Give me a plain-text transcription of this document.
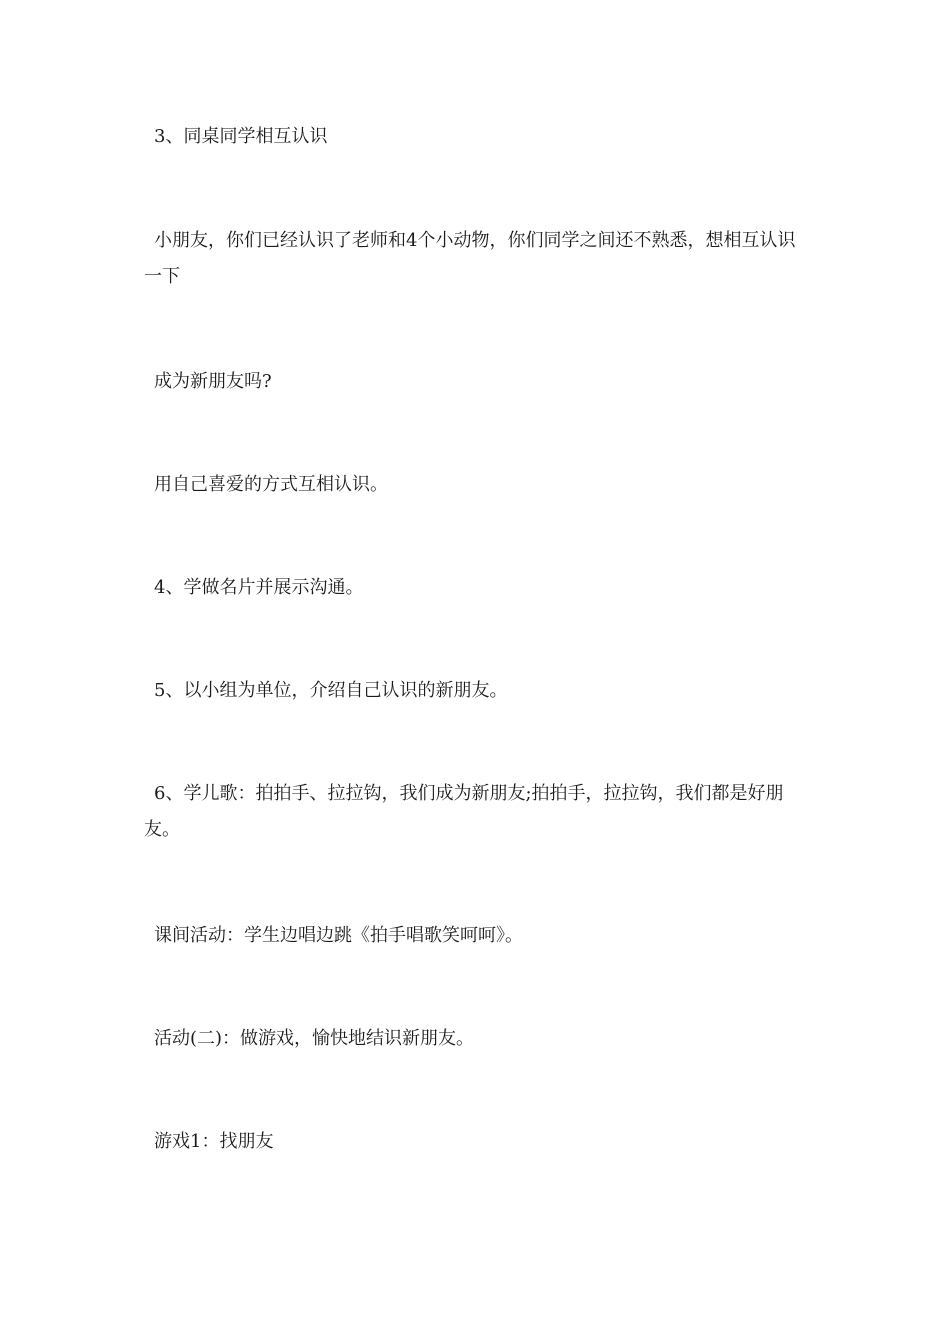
3、同桌同学相互认识

小朋友，你们已经认识了老师和4个小动物，你们同学之间还不熟悉，想相互认识一下

成为新朋友吗?

用自己喜爱的方式互相认识。

4、学做名片并展示沟通。

5、以小组为单位，介绍自己认识的新朋友。

6、学儿歌：拍拍手、拉拉钩，我们成为新朋友;拍拍手，拉拉钩，我们都是好朋友。

课间活动：学生边唱边跳《拍手唱歌笑呵呵》。

活动(二)：做游戏，愉快地结识新朋友。

游戏1：找朋友
